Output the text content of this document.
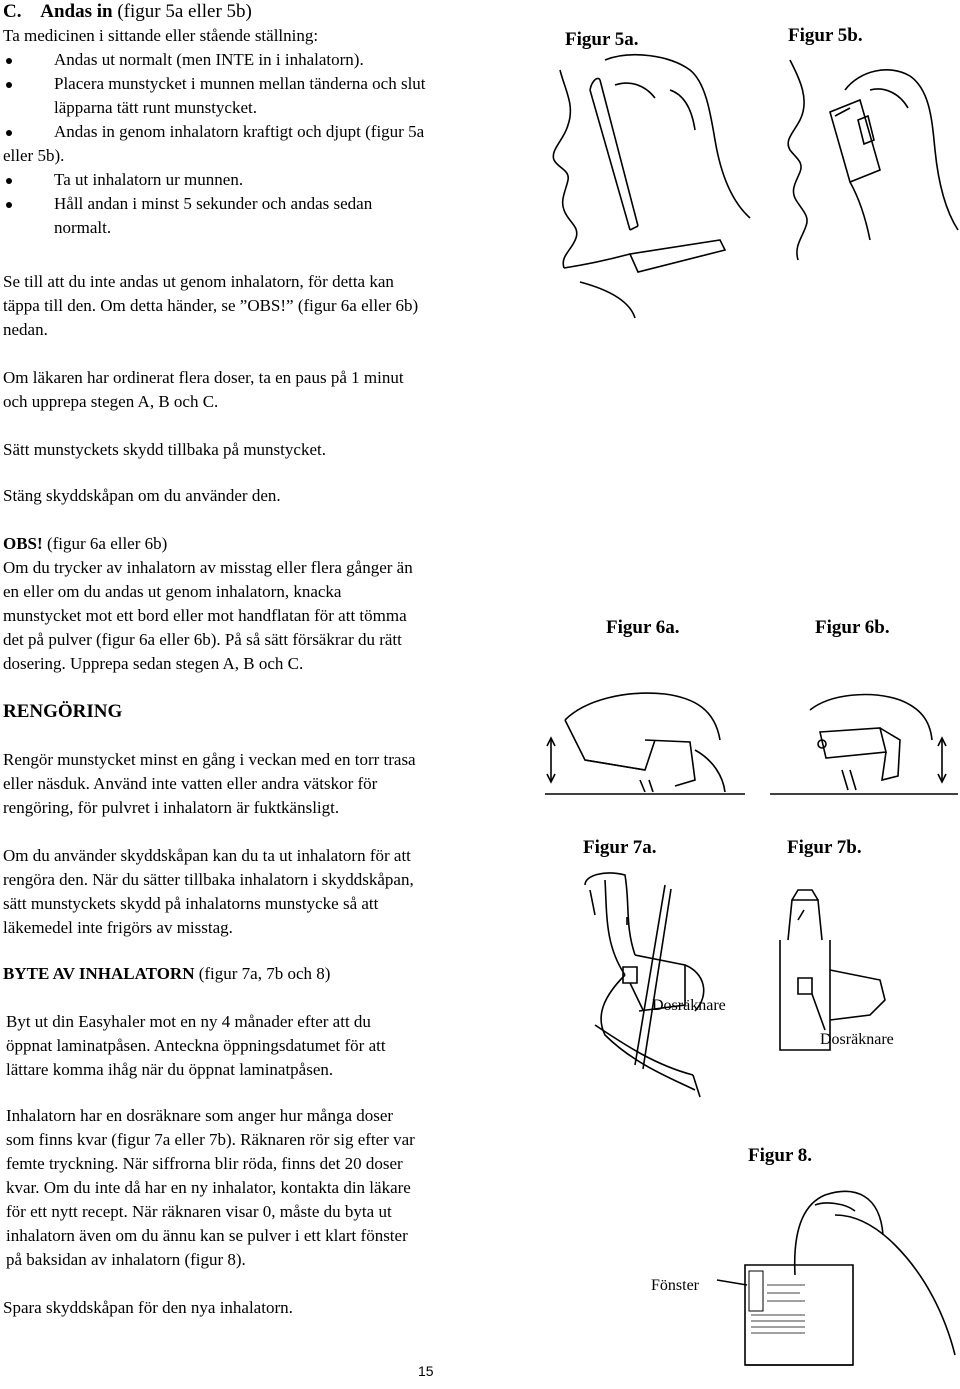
C. Andas in (figur 5a eller 5b)
Ta medicinen i sittande eller stående ställning:
Andas ut normalt (men INTE in i inhalatorn).
Placera munstycket i munnen mellan tänderna och slut
läpparna tätt runt munstycket.
Andas in genom inhalatorn kraftigt och djupt (figur 5a
eller 5b).
Ta ut inhalatorn ur munnen.
Håll andan i minst 5 sekunder och andas sedan
normalt.
Se till att du inte andas ut genom inhalatorn, för detta kan
täppa till den. Om detta händer, se ”OBS!” (figur 6a eller 6b)
nedan.
Om läkaren har ordinerat flera doser, ta en paus på 1 minut
och upprepa stegen A, B och C.
Sätt munstyckets skydd tillbaka på munstycket.
Stäng skyddskåpan om du använder den.
OBS! (figur 6a eller 6b)
Om du trycker av inhalatorn av misstag eller flera gånger än
en eller om du andas ut genom inhalatorn, knacka
munstycket mot ett bord eller mot handflatan för att tömma
det på pulver (figur 6a eller 6b). På så sätt försäkrar du rätt
dosering. Upprepa sedan stegen A, B och C.
RENGÖRING
Rengör munstycket minst en gång i veckan med en torr trasa
eller näsduk. Använd inte vatten eller andra vätskor för
rengöring, för pulvret i inhalatorn är fuktkänsligt.
Om du använder skyddskåpan kan du ta ut inhalatorn för att
rengöra den. När du sätter tillbaka inhalatorn i skyddskåpan,
sätt munstyckets skydd på inhalatorns munstycke så att
läkemedel inte frigörs av misstag.
BYTE AV INHALATORN (figur 7a, 7b och 8)
Byt ut din Easyhaler mot en ny 4 månader efter att du
öppnat laminatpåsen. Anteckna öppningsdatumet för att
lättare komma ihåg när du öppnat laminatpåsen.
Inhalatorn har en dosräknare som anger hur många doser
som finns kvar (figur 7a eller 7b). Räknaren rör sig efter var
femte tryckning. När siffrorna blir röda, finns det 20 doser
kvar. Om du inte då har en ny inhalator, kontakta din läkare
för ett nytt recept. När räknaren visar 0, måste du byta ut
inhalatorn även om du ännu kan se pulver i ett klart fönster
på baksidan av inhalatorn (figur 8).
Spara skyddskåpan för den nya inhalatorn.
Figur 5a.	Figur 5b.
Figur 6a.	Figur 6b.
Figur 7a.	Figur 7b.
Figur 8.
Dosräknare
Dosräknare
Fönster
15
